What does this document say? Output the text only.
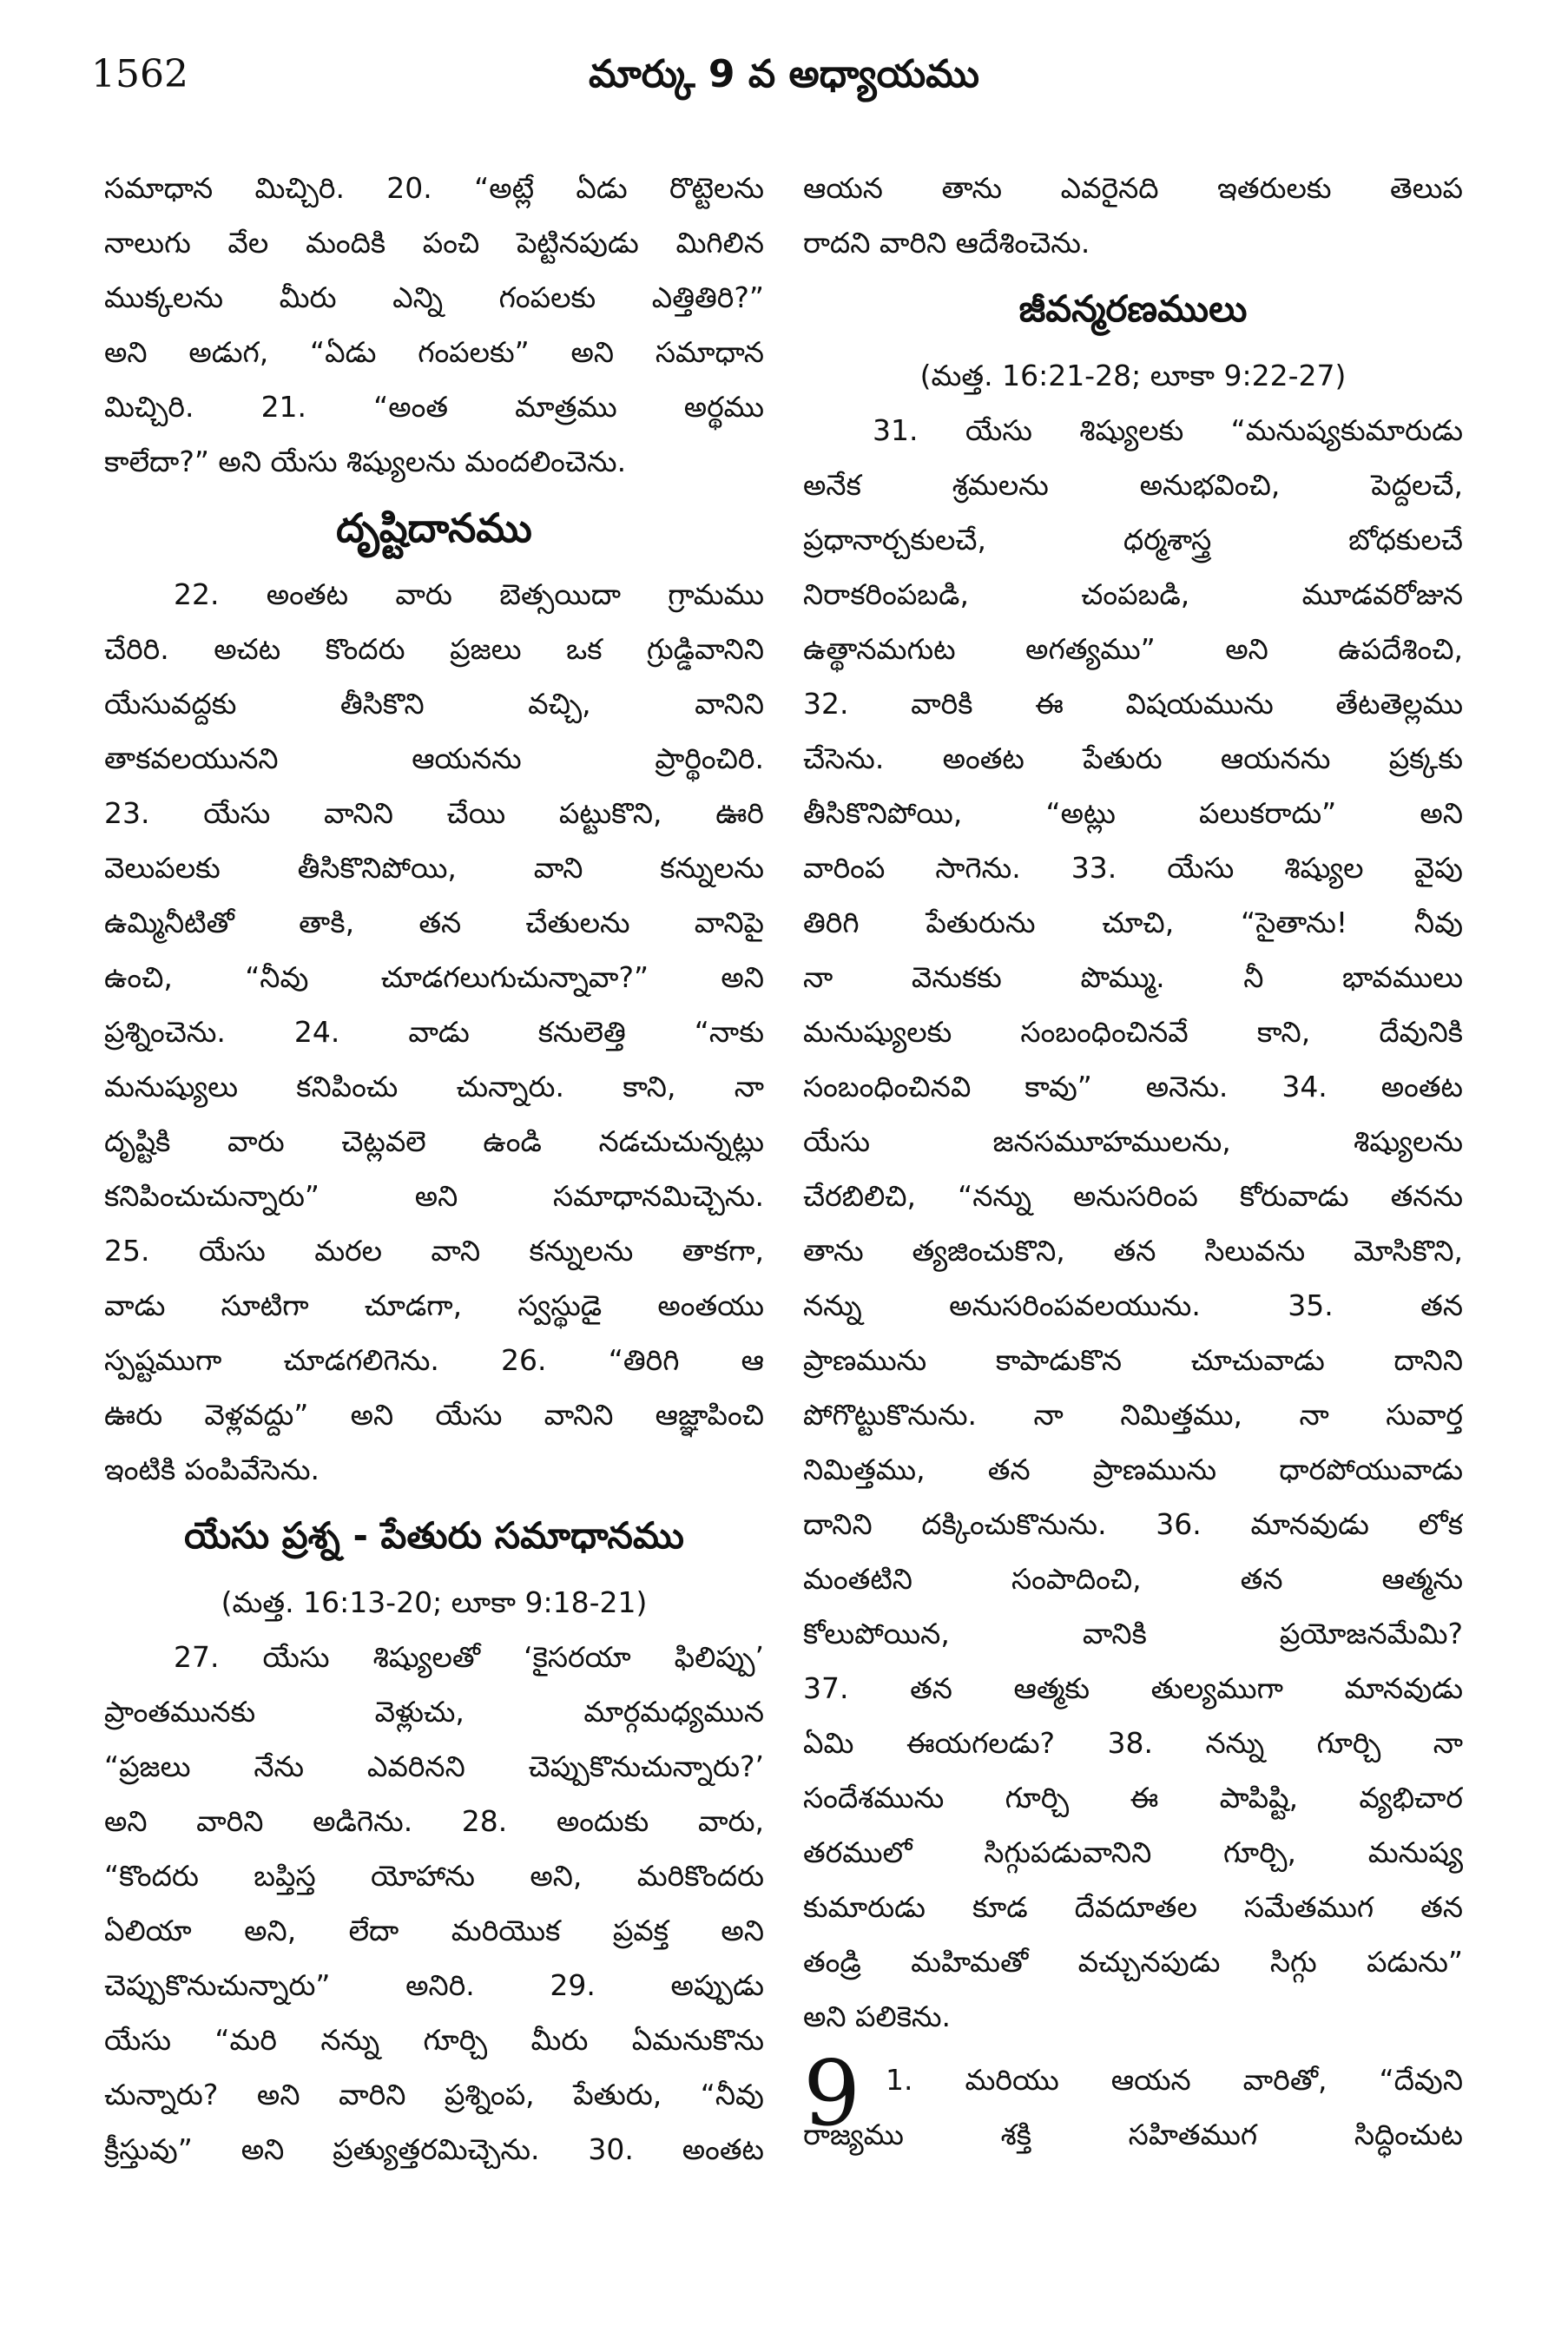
1562	మార్కు 9 వ అధ్యాయము
సమాధాన మిచ్చిరి. 20. “అట్లే ఏడు రొట్టెలను
నాలుగు వేల మందికి పంచి పెట్టినపుడు మిగిలిన
ముక్కలను మీరు ఎన్ని గంపలకు ఎత్తితిరి?”
అని అడుగ, “ఏడు గంపలకు” అని సమాధాన
మిచ్చిరి. 21. “అంత మాత్రము అర్థము
కాలేదా?” అని యేసు శిష్యులను మందలించెను.
దృష్టిదానము
22. అంతట వారు బెత్సయిదా గ్రామము
చేరిరి. అచట కొందరు ప్రజలు ఒక గ్రుడ్డివానిని
యేసువద్దకు తీసికొని వచ్చి, వానిని
తాకవలయునని ఆయనను ప్రార్థించిరి.
23. యేసు వానిని చేయి పట్టుకొని, ఊరి
వెలుపలకు తీసికొనిపోయి, వాని కన్నులను
ఉమ్మినీటితో తాకి, తన చేతులను వానిపై
ఉంచి, “నీవు చూడగలుగుచున్నావా?” అని
ప్రశ్నించెను. 24. వాడు కనులెత్తి “నాకు
మనుష్యులు కనిపించు చున్నారు. కాని, నా
దృష్టికి వారు చెట్లవలె ఉండి నడచుచున్నట్లు
కనిపించుచున్నారు” అని సమాధానమిచ్చెను.
25. యేసు మరల వాని కన్నులను తాకగా,
వాడు సూటిగా చూడగా, స్వస్థుడై అంతయు
స్పష్టముగా చూడగలిగెను. 26. “తిరిగి ఆ
ఊరు వెళ్లవద్దు” అని యేసు వానిని ఆజ్ఞాపించి
ఇంటికి పంపివేసెను.
యేసు ప్రశ్న - పేతురు సమాధానము
(మత్త. 16:13-20; లూకా 9:18-21)
27. యేసు శిష్యులతో ‘కైసరయా ఫిలిప్పు’
ప్రాంతమునకు వెళ్లుచు, మార్గమధ్యమున
“ప్రజలు నేను ఎవరినని చెప్పుకొనుచున్నారు?’
అని వారిని అడిగెను. 28. అందుకు వారు,
“కొందరు బప్తిస్త యోహాను అని, మరికొందరు
ఏలియా అని, లేదా మరియొక ప్రవక్త అని
చెప్పుకొనుచున్నారు” అనిరి. 29. అప్పుడు
యేసు “మరి నన్ను గూర్చి మీరు ఏమనుకొను
చున్నారు? అని వారిని ప్రశ్నింప, పేతురు, “నీవు
క్రీస్తువు” అని ప్రత్యుత్తరమిచ్చెను. 30. అంతట
ఆయన తాను ఎవరైనది ఇతరులకు తెలుప
రాదని వారిని ఆదేశించెను.
జీవన్మరణములు
(మత్త. 16:21-28; లూకా 9:22-27)
31. యేసు శిష్యులకు “మనుష్యకుమారుడు
అనేక శ్రమలను అనుభవించి, పెద్దలచే,
ప్రధానార్చకులచే, ధర్మశాస్త్ర బోధకులచే
నిరాకరింపబడి, చంపబడి, మూడవరోజున
ఉత్థానమగుట అగత్యము” అని ఉపదేశించి,
32. వారికి ఈ విషయమును తేటతెల్లము
చేసెను. అంతట పేతురు ఆయనను ప్రక్కకు
తీసికొనిపోయి, “అట్లు పలుకరాదు” అని
వారింప సాగెను. 33. యేసు శిష్యుల వైపు
తిరిగి పేతురును చూచి, “సైతాను! నీవు
నా వెనుకకు పొమ్ము. నీ భావములు
మనుష్యులకు సంబంధించినవే కాని, దేవునికి
సంబంధించినవి కావు” అనెను. 34. అంతట
యేసు జనసమూహములను, శిష్యులను
చేరబిలిచి, “నన్ను అనుసరింప కోరువాడు తనను
తాను త్యజించుకొని, తన సిలువను మోసికొని,
నన్ను అనుసరింపవలయును. 35. తన
ప్రాణమును కాపాడుకొన చూచువాడు దానిని
పోగొట్టుకొనును. నా నిమిత్తము, నా సువార్త
నిమిత్తము, తన ప్రాణమును ధారపోయువాడు
దానిని దక్కించుకొనును. 36. మానవుడు లోక
మంతటిని సంపాదించి, తన ఆత్మను
కోలుపోయిన, వానికి ప్రయోజనమేమి?
37. తన ఆత్మకు తుల్యముగా మానవుడు
ఏమి ఈయగలడు? 38. నన్ను గూర్చి నా
సందేశమును గూర్చి ఈ పాపిష్టి, వ్యభిచార
తరములో సిగ్గుపడువానిని గూర్చి, మనుష్య
కుమారుడు కూడ దేవదూతల సమేతముగ తన
తండ్రి మహిమతో వచ్చునపుడు సిగ్గు పడును”
అని పలికెను.
9 1. మరియు ఆయన వారితో, “దేవుని
రాజ్యము శక్తి సహితముగ సిద్ధించుట
